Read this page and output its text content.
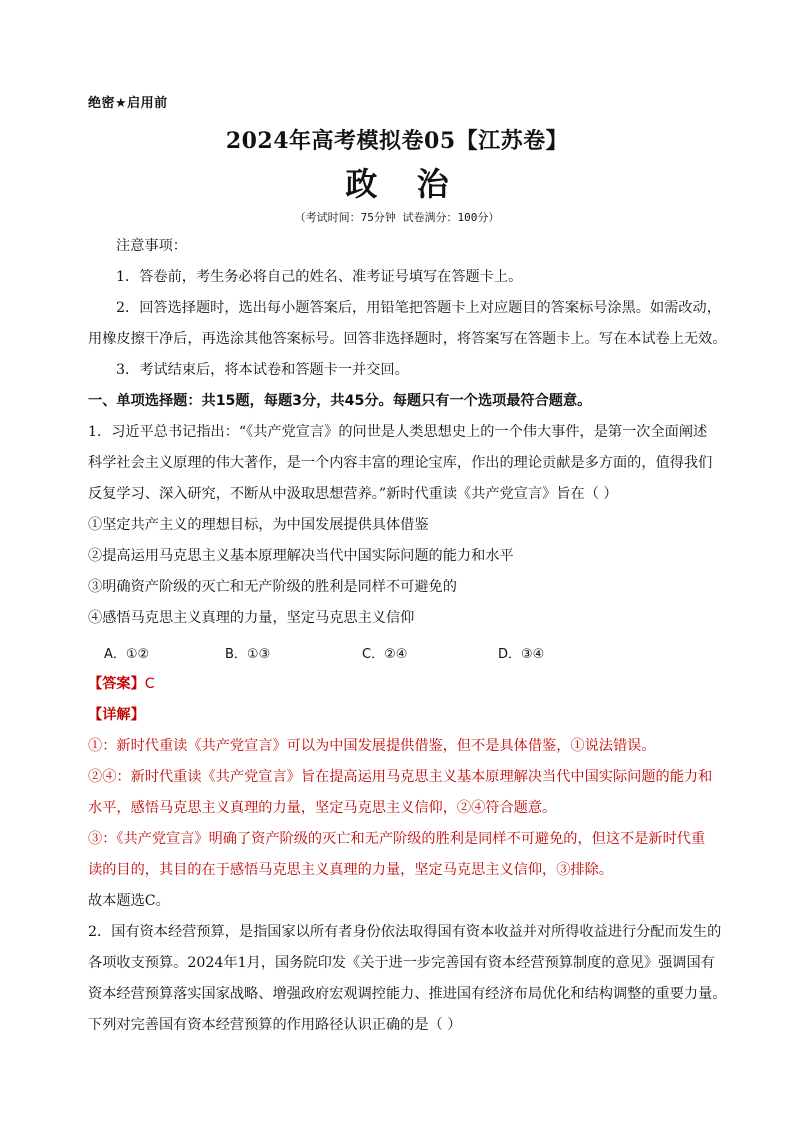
绝密★启用前
2024年高考模拟卷05【江苏卷】
政 治
（考试时间：75分钟 试卷满分：100分）
注意事项：
1．答卷前，考生务必将自己的姓名、准考证号填写在答题卡上。
2．回答选择题时，选出每小题答案后，用铅笔把答题卡上对应题目的答案标号涂黑。如需改动，
用橡皮擦干净后，再选涂其他答案标号。回答非选择题时，将答案写在答题卡上。写在本试卷上无效。
3．考试结束后，将本试卷和答题卡一并交回。
一、单项选择题：共15题，每题3分，共45分。每题只有一个选项最符合题意。
1．习近平总书记指出：“《共产党宣言》的问世是人类思想史上的一个伟大事件，是第一次全面阐述
科学社会主义原理的伟大著作，是一个内容丰富的理论宝库，作出的理论贡献是多方面的，值得我们
反复学习、深入研究，不断从中汲取思想营养。”新时代重读《共产党宣言》旨在（ ）
①坚定共产主义的理想目标，为中国发展提供具体借鉴
②提高运用马克思主义基本原理解决当代中国实际问题的能力和水平
③明确资产阶级的灭亡和无产阶级的胜利是同样不可避免的
④感悟马克思主义真理的力量，坚定马克思主义信仰
A．①②	B．①③	C．②④	D．③④
【答案】C
【详解】
①：新时代重读《共产党宣言》可以为中国发展提供借鉴，但不是具体借鉴，①说法错误。
②④：新时代重读《共产党宣言》旨在提高运用马克思主义基本原理解决当代中国实际问题的能力和
水平，感悟马克思主义真理的力量，坚定马克思主义信仰，②④符合题意。
③：《共产党宣言》明确了资产阶级的灭亡和无产阶级的胜利是同样不可避免的，但这不是新时代重
读的目的，其目的在于感悟马克思主义真理的力量，坚定马克思主义信仰，③排除。
故本题选C。
2．国有资本经营预算，是指国家以所有者身份依法取得国有资本收益并对所得收益进行分配而发生的
各项收支预算。2024年1月，国务院印发《关于进一步完善国有资本经营预算制度的意见》强调国有
资本经营预算落实国家战略、增强政府宏观调控能力、推进国有经济布局优化和结构调整的重要力量。
下列对完善国有资本经营预算的作用路径认识正确的是（ ）
